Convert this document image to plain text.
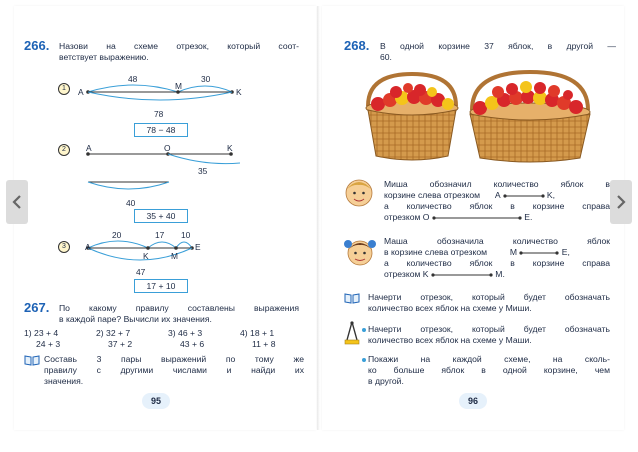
266. Назови на схеме отрезок, который соот-
ветствует выражению.
1	A
M
K
48	30
78
78 − 48
2	A	O	K
35
40
35 + 40
3	A
K	M
E
20	17 10
47
17 + 10
267. По какому правилу составлены выражения
в каждой паре? Вычисли их значения.
1) 23 + 4
24 + 3
2) 32 + 7
37 + 2
3) 46 + 3
43 + 6
4) 18 + 1
11 + 8
Составь 3 пары выражений по тому же
правилу с другими числами и найди их
значения.
95
268. В одной корзине 37 яблок, в другой —
60.
Миша обозначил количество яблок в
корзине слева отрезком A	K,
а количество яблок в корзине справа
отрезком O	E.
Маша обозначила количество яблок
в корзине слева отрезком	M	E,
а количество яблок в корзине справа
отрезком K	M.
Начерти отрезок, который будет обозначать
количество всех яблок на схеме у Миши.
Начерти отрезок, который будет обозначать
количество всех яблок на схеме у Маши.
Покажи на каждой схеме, на сколь-
ко больше яблок в одной корзине, чем
в другой.
96
